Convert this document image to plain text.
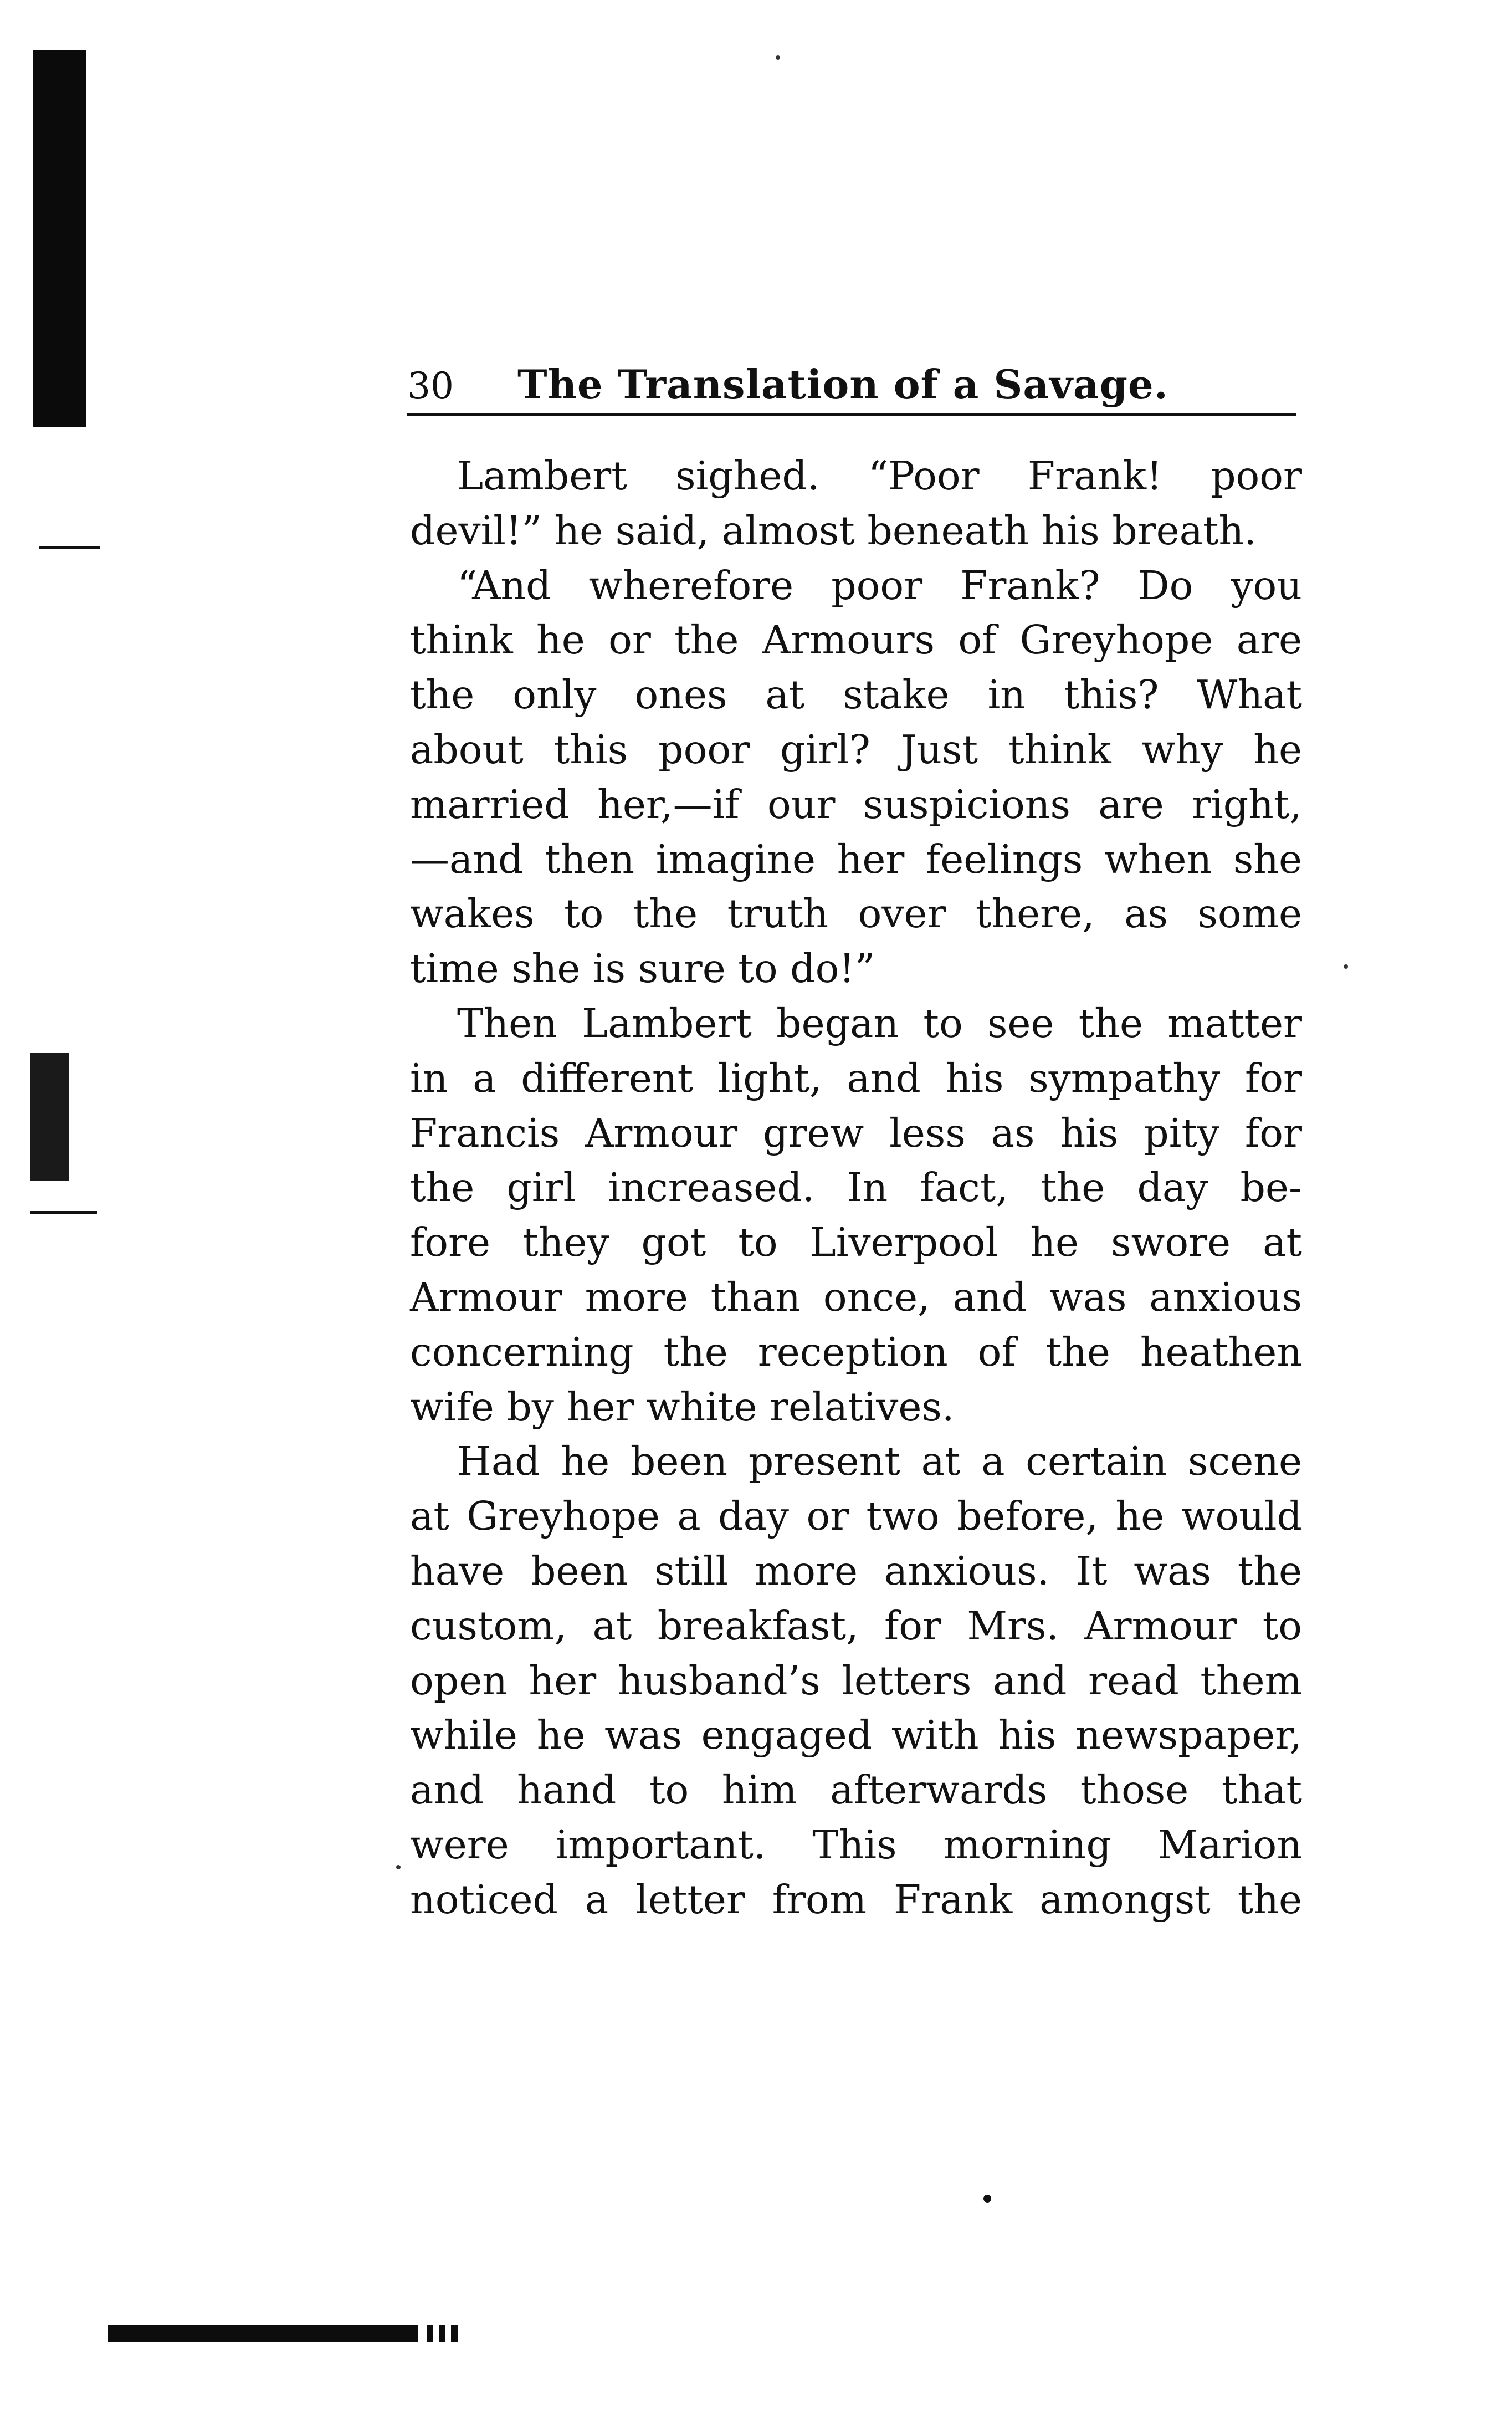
30 The Translation of a Savage.
Lambert sighed. “Poor Frank! poor
devil!” he said, almost beneath his breath.
“And wherefore poor Frank? Do you
think he or the Armours of Greyhope are
the only ones at stake in this? What
about this poor girl? Just think why he
married her,—if our suspicions are right,
—and then imagine her feelings when she
wakes to the truth over there, as some
time she is sure to do!”
Then Lambert began to see the matter
in a different light, and his sympathy for
Francis Armour grew less as his pity for
the girl increased. In fact, the day be-
fore they got to Liverpool he swore at
Armour more than once, and was anxious
concerning the reception of the heathen
wife by her white relatives.
Had he been present at a certain scene
at Greyhope a day or two before, he would
have been still more anxious. It was the
custom, at breakfast, for Mrs. Armour to
open her husband’s letters and read them
while he was engaged with his newspaper,
and hand to him afterwards those that
were important. This morning Marion
noticed a letter from Frank amongst the
